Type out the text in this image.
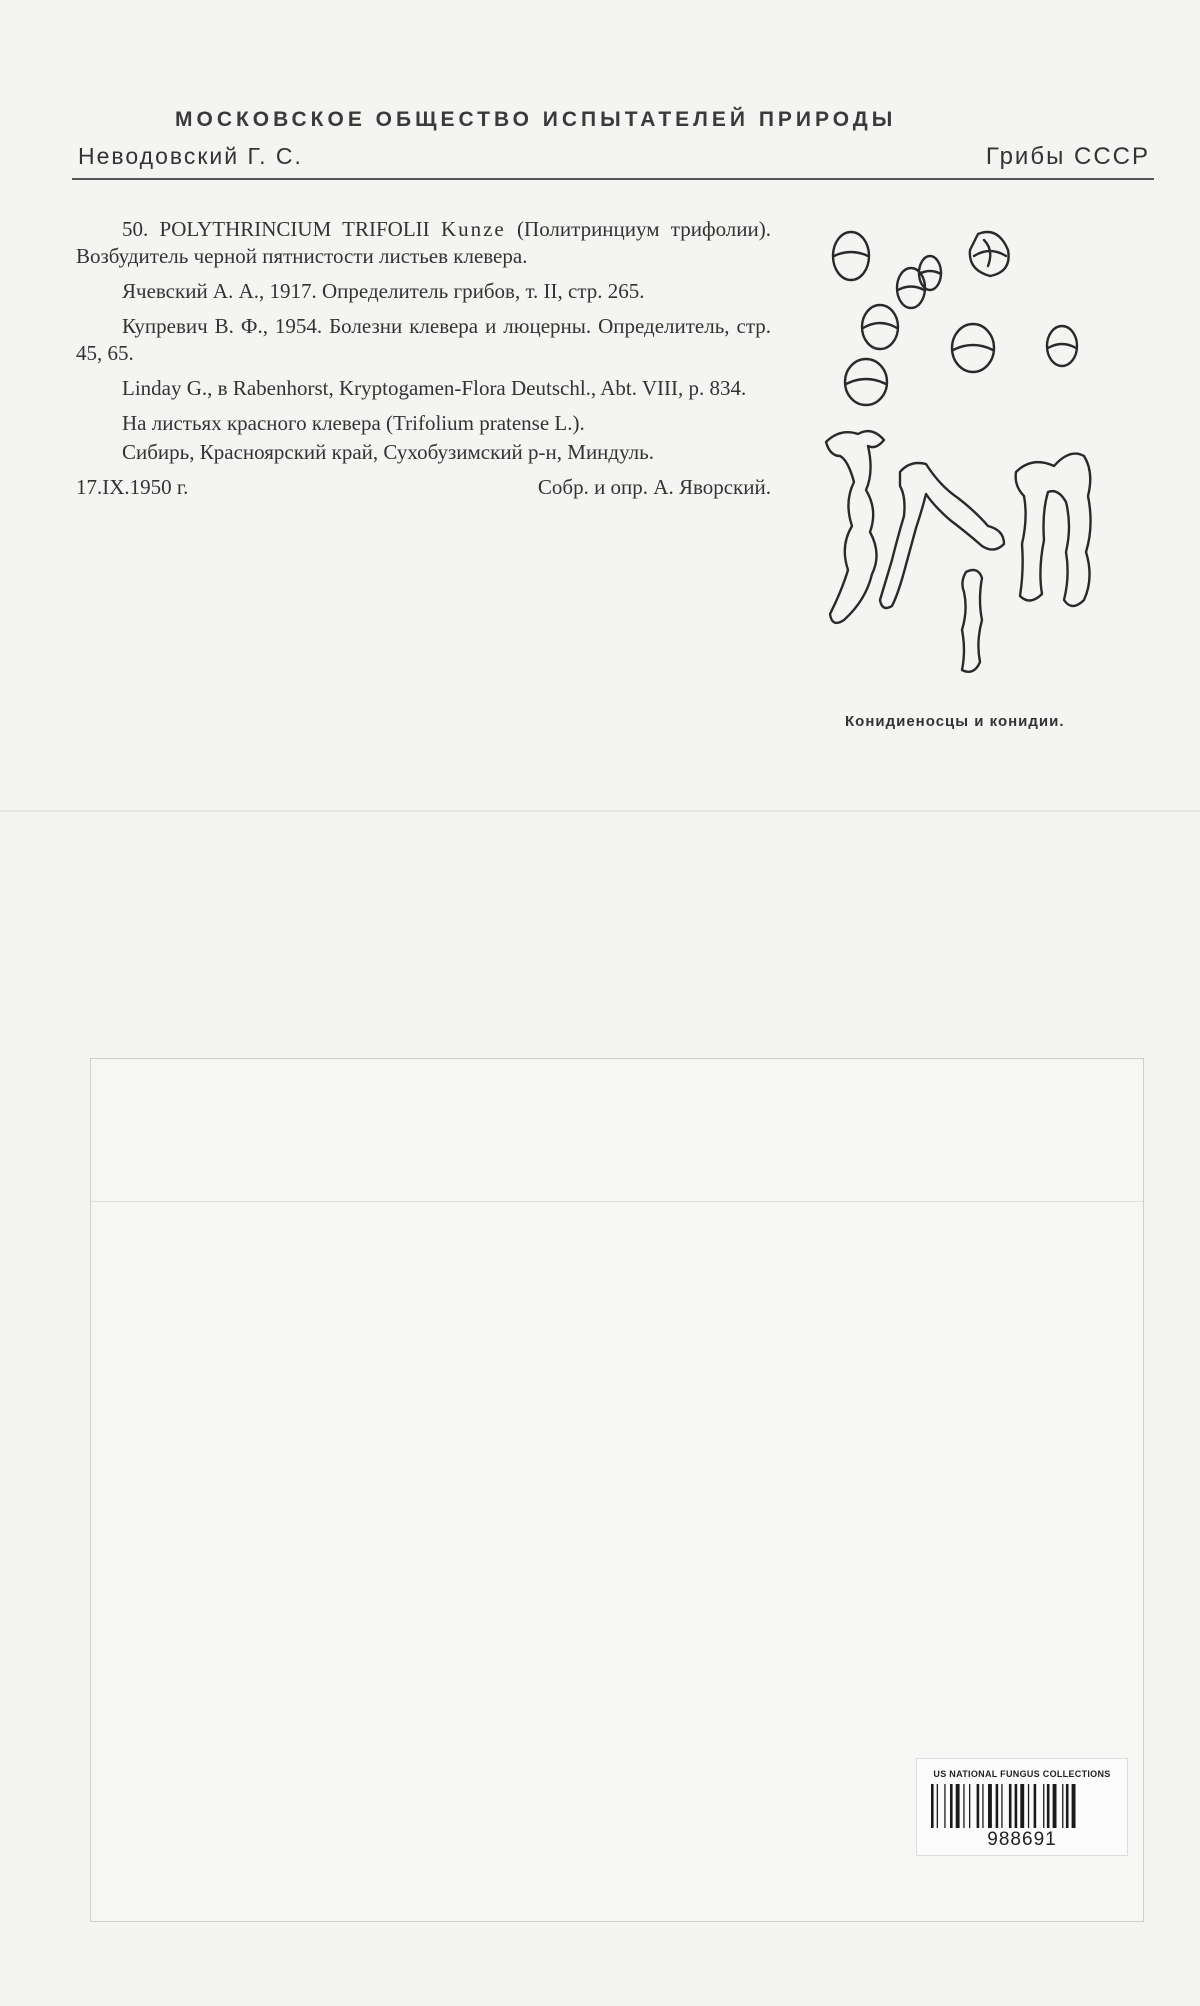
МОСКОВСКОЕ ОБЩЕСТВО ИСПЫТАТЕЛЕЙ ПРИРОДЫ
Неводовский Г. С.	Грибы СССР

50. POLYTHRINCIUM TRIFOLII Kunze (Политринциум трифолии). Возбудитель черной пятнистости листьев клевера.

Ячевский А. А., 1917. Определитель грибов, т. II, стр. 265.

Купревич В. Ф., 1954. Болезни клевера и люцерны. Определитель, стр. 45, 65.

Linday G., в Rabenhorst, Kryptogamen-Flora Deutschl., Abt. VIII, p. 834.

На листьях красного клевера (Trifolium pratense L.).

Сибирь, Красноярский край, Сухобузимский р-н, Миндуль.

17.IX.1950 г.	Собр. и опр. А. Яворский.
Конидиеносцы и конидии.
US NATIONAL FUNGUS COLLECTIONS
988691
